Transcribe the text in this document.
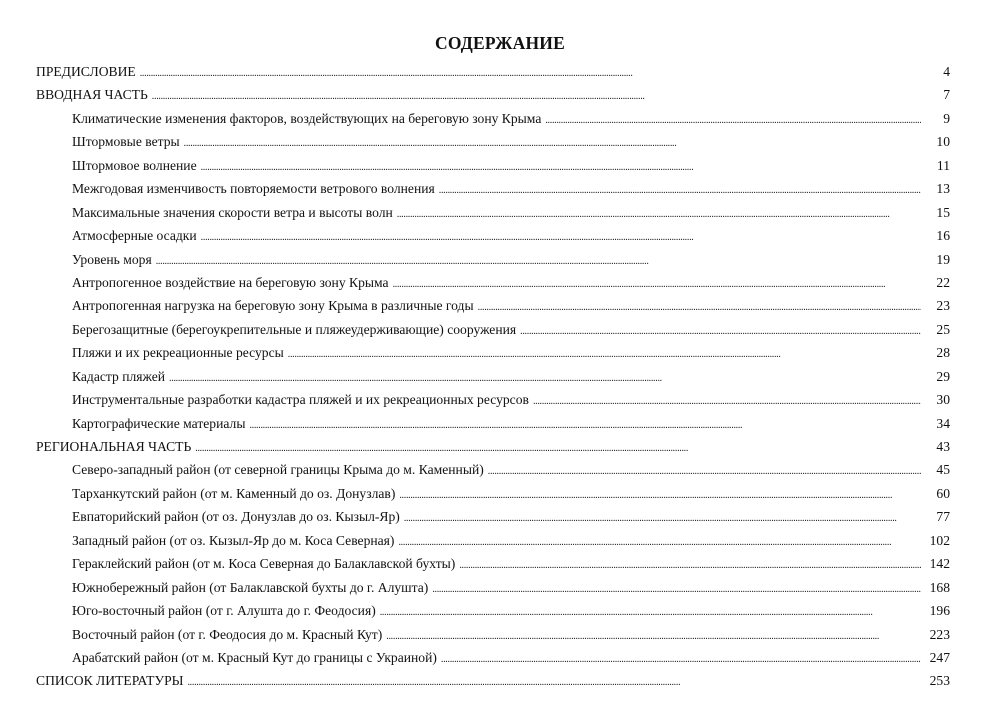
СОДЕРЖАНИЕ
ПРЕДИСЛОВИЕ . . .	4
ВВОДНАЯ ЧАСТЬ . . .	7
Климатические изменения факторов, воздействующих на береговую зону Крыма . . .	9
Штормовые ветры . . .	10
Штормовое волнение . . .	11
Межгодовая изменчивость повторяемости ветрового волнения . . .	13
Максимальные значения скорости ветра и высоты волн . . .	15
Атмосферные осадки . . .	16
Уровень моря . . .	19
Антропогенное воздействие на береговую зону Крыма . . .	22
Антропогенная нагрузка на береговую зону Крыма в различные годы . . .	23
Берегозащитные (берегоукрепительные и пляжеудерживающие) сооружения . . .	25
Пляжи и их рекреационные ресурсы . . .	28
Кадастр пляжей . . .	29
Инструментальные разработки кадастра пляжей и их рекреационных ресурсов . . .	30
Картографические материалы . . .	34
РЕГИОНАЛЬНАЯ ЧАСТЬ . . .	43
Северо-западный район (от северной границы Крыма до м. Каменный) . . .	45
Тарханкутский район (от м. Каменный до оз. Донузлав) . . .	60
Евпаторийский район (от оз. Донузлав до оз. Кызыл-Яр) . . .	77
Западный район (от оз. Кызыл-Яр до м. Коса Северная) . . .	102
Гераклейский район (от м. Коса Северная до Балаклавской бухты) . . .	142
Южнобережный район (от Балаклавской бухты до г. Алушта) . . .	168
Юго-восточный район (от г. Алушта до г. Феодосия) . . .	196
Восточный район (от г. Феодосия до м. Красный Кут) . . .	223
Арабатский район (от м. Красный Кут до границы с Украиной) . . .	247
СПИСОК ЛИТЕРАТУРЫ . . .	253
